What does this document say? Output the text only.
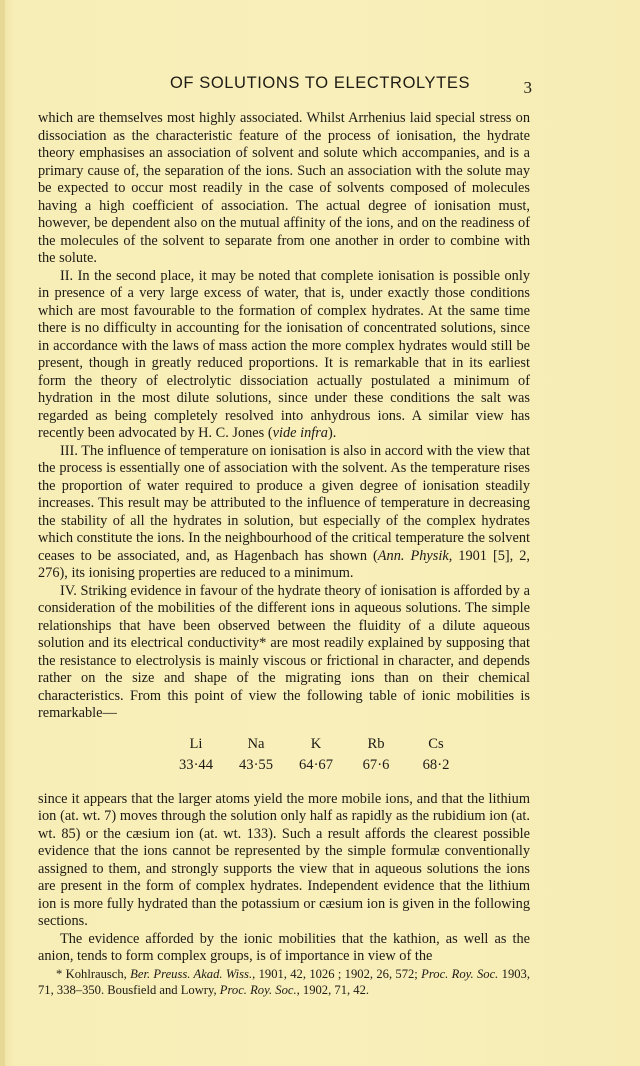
OF SOLUTIONS TO ELECTROLYTES	3

which are themselves most highly associated. Whilst Arrhenius laid special stress on dissociation as the characteristic feature of the process of ionisation, the hydrate theory emphasises an association of solvent and solute which accompanies, and is a primary cause of, the separation of the ions. Such an association with the solute may be expected to occur most readily in the case of solvents composed of molecules having a high coefficient of association. The actual degree of ionisation must, however, be dependent also on the mutual affinity of the ions, and on the readiness of the molecules of the solvent to separate from one another in order to combine with the solute.

II. In the second place, it may be noted that complete ionisation is possible only in presence of a very large excess of water, that is, under exactly those conditions which are most favourable to the formation of complex hydrates. At the same time there is no difficulty in accounting for the ionisation of concentrated solutions, since in accordance with the laws of mass action the more complex hydrates would still be present, though in greatly reduced proportions. It is remarkable that in its earliest form the theory of electrolytic dissociation actually postulated a minimum of hydration in the most dilute solutions, since under these conditions the salt was regarded as being completely resolved into anhydrous ions. A similar view has recently been advocated by H. C. Jones (vide infra).

III. The influence of temperature on ionisation is also in accord with the view that the process is essentially one of association with the solvent. As the temperature rises the proportion of water required to produce a given degree of ionisation steadily increases. This result may be attributed to the influence of temperature in decreasing the stability of all the hydrates in solution, but especially of the complex hydrates which constitute the ions. In the neighbourhood of the critical temperature the solvent ceases to be associated, and, as Hagenbach has shown (Ann. Physik, 1901 [5], 2, 276), its ionising properties are reduced to a minimum.

IV. Striking evidence in favour of the hydrate theory of ionisation is afforded by a consideration of the mobilities of the different ions in aqueous solutions. The simple relationships that have been observed between the fluidity of a dilute aqueous solution and its electrical conductivity* are most readily explained by supposing that the resistance to electrolysis is mainly viscous or frictional in character, and depends rather on the size and shape of the migrating ions than on their chemical characteristics. From this point of view the following table of ionic mobilities is remarkable—

Li	Na	K	Rb	Cs
33·44	43·55	64·67	67·6	68·2

since it appears that the larger atoms yield the more mobile ions, and that the lithium ion (at. wt. 7) moves through the solution only half as rapidly as the rubidium ion (at. wt. 85) or the cæsium ion (at. wt. 133). Such a result affords the clearest possible evidence that the ions cannot be represented by the simple formulæ conventionally assigned to them, and strongly supports the view that in aqueous solutions the ions are present in the form of complex hydrates. Independent evidence that the lithium ion is more fully hydrated than the potassium or cæsium ion is given in the following sections.

The evidence afforded by the ionic mobilities that the kathion, as well as the anion, tends to form complex groups, is of importance in view of the

* Kohlrausch, Ber. Preuss. Akad. Wiss., 1901, 42, 1026 ; 1902, 26, 572; Proc. Roy. Soc. 1903, 71, 338–350. Bousfield and Lowry, Proc. Roy. Soc., 1902, 71, 42.
